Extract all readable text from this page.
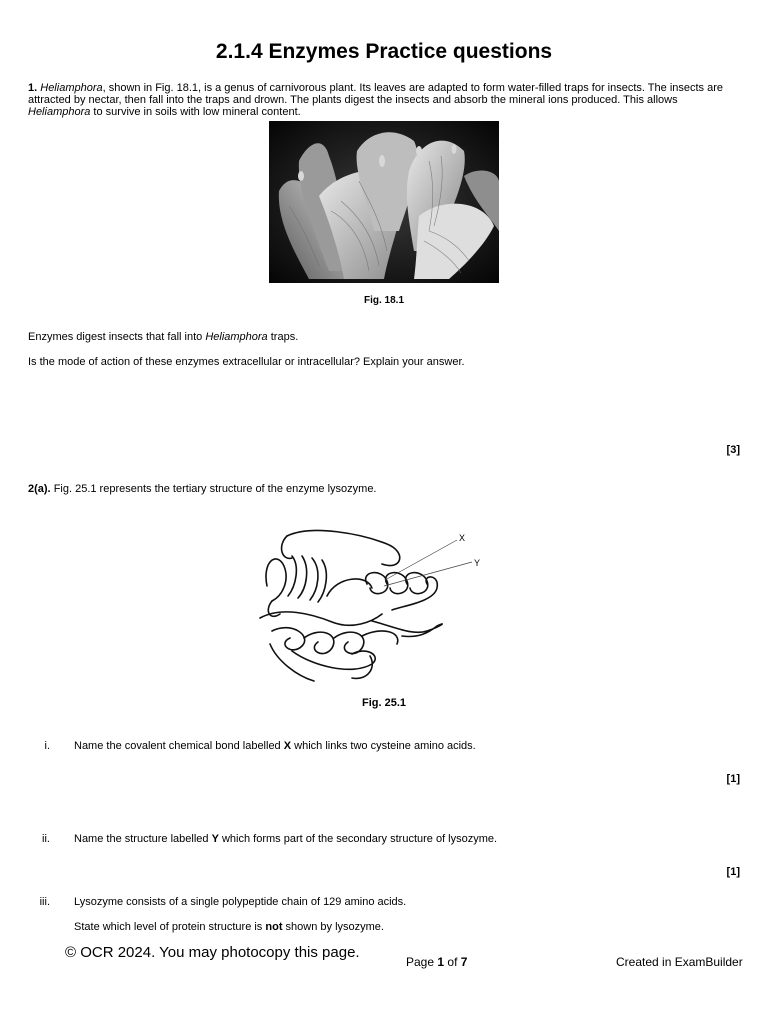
2.1.4 Enzymes Practice questions
1. Heliamphora, shown in Fig. 18.1, is a genus of carnivorous plant. Its leaves are adapted to form water-filled traps for insects. The insects are attracted by nectar, then fall into the traps and drown. The plants digest the insects and absorb the mineral ions produced. This allows Heliamphora to survive in soils with low mineral content.
Fig. 18.1
Enzymes digest insects that fall into Heliamphora traps.
Is the mode of action of these enzymes extracellular or intracellular? Explain your answer.
[3]
2(a). Fig. 25.1 represents the tertiary structure of the enzyme lysozyme.
X
Y
Fig. 25.1
i. Name the covalent chemical bond labelled X which links two cysteine amino acids.
[1]
ii. Name the structure labelled Y which forms part of the secondary structure of lysozyme.
[1]
iii. Lysozyme consists of a single polypeptide chain of 129 amino acids.
State which level of protein structure is not shown by lysozyme.
© OCR 2024. You may photocopy this page.
Page 1 of 7	Created in ExamBuilder
